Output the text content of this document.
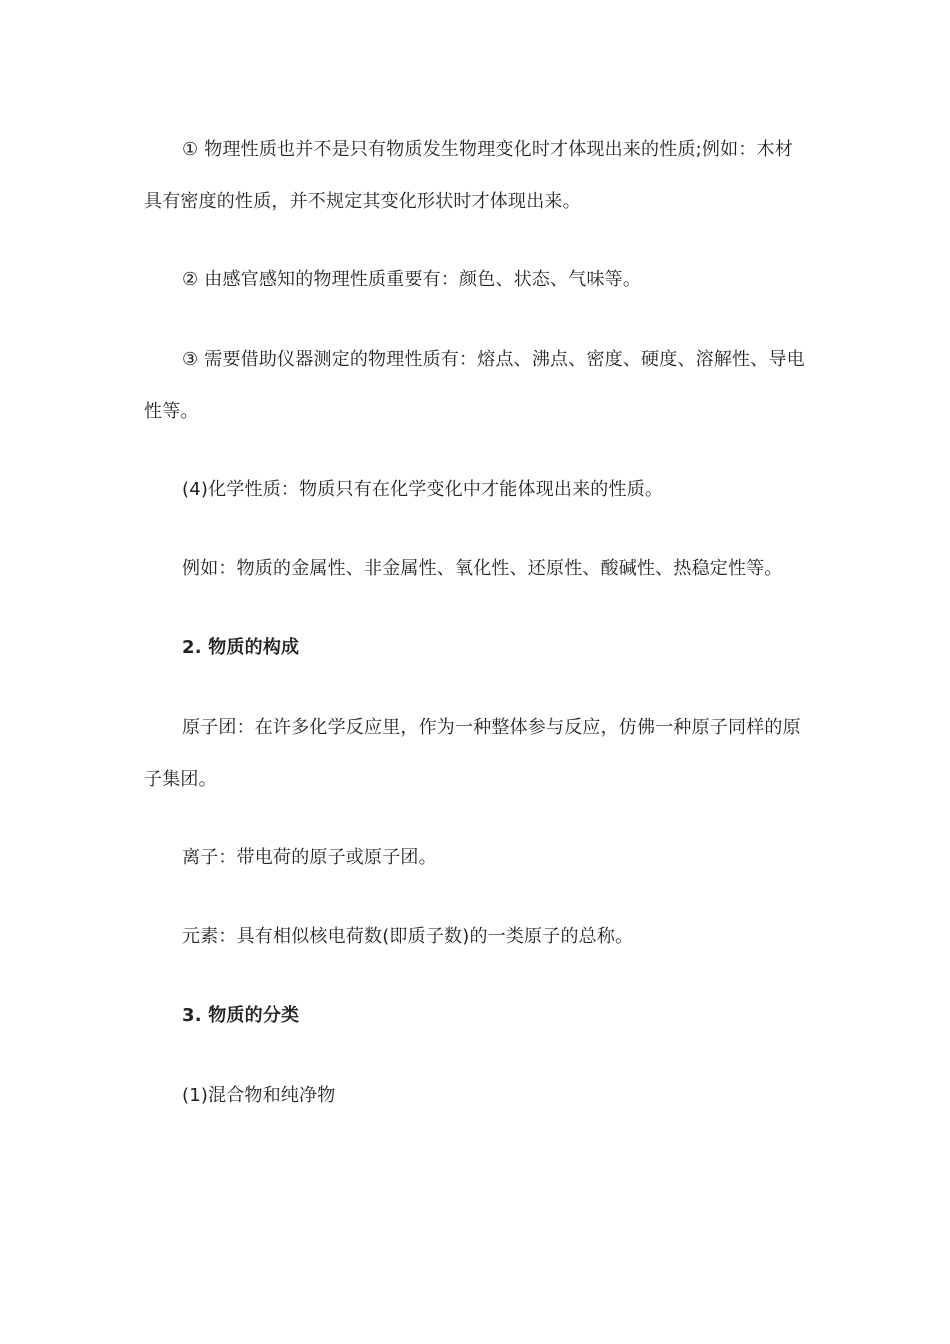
① 物理性质也并不是只有物质发生物理变化时才体现出来的性质;例如：木材具有密度的性质，并不规定其变化形状时才体现出来。

② 由感官感知的物理性质重要有：颜色、状态、气味等。

③ 需要借助仪器测定的物理性质有：熔点、沸点、密度、硬度、溶解性、导电性等。

(4)化学性质：物质只有在化学变化中才能体现出来的性质。

例如：物质的金属性、非金属性、氧化性、还原性、酸碱性、热稳定性等。

2. 物质的构成

原子团：在许多化学反应里，作为一种整体参与反应，仿佛一种原子同样的原子集团。

离子：带电荷的原子或原子团。

元素：具有相似核电荷数(即质子数)的一类原子的总称。

3. 物质的分类

(1)混合物和纯净物
